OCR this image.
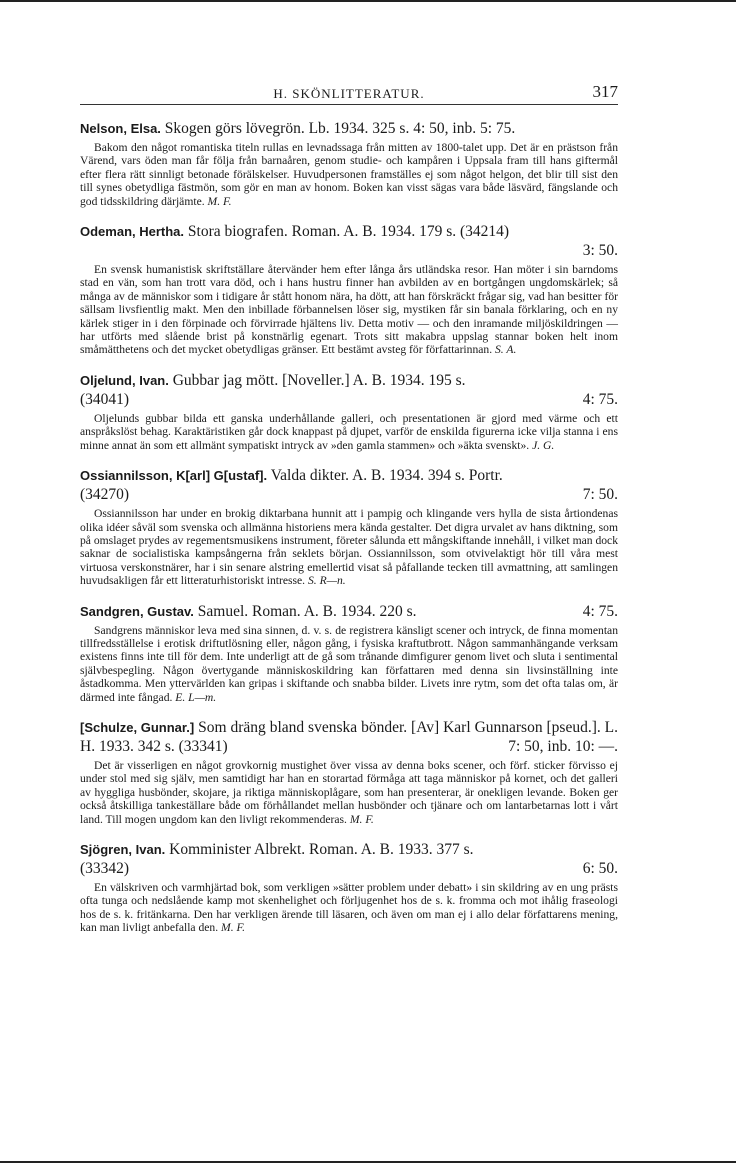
H. SKÖNLITTERATUR.	317
Nelson, Elsa. Skogen görs lövegrön. Lb. 1934. 325 s. 4: 50, inb. 5: 75.
Bakom den något romantiska titeln rullas en levnadssaga från mitten av 1800-talet upp. Det är en prästson från Värend, vars öden man får följa från barnaåren, genom studie- och kampåren i Uppsala fram till hans giftermål efter flera rätt sinnligt betonade förälskelser. Huvudpersonen framställes ej som något helgon, det blir till sist den till synes obetydliga fästmön, som gör en man av honom. Boken kan visst sägas vara både läsvärd, fängslande och god tidsskildring därjämte. M. F.
Odeman, Hertha. Stora biografen. Roman. A. B. 1934. 179 s. (34214)
3: 50.
En svensk humanistisk skriftställare återvänder hem efter långa års utländska resor. Han möter i sin barndoms stad en vän, som han trott vara död, och i hans hustru finner han avbilden av en bortgången ungdomskärlek; så många av de människor som i tidigare år stått honom nära, ha dött, att han förskräckt frågar sig, vad han besitter för sällsam livsfientlig makt. Men den inbillade förbannelsen löser sig, mystiken får sin banala förklaring, och en ny kärlek stiger in i den förpinade och förvirrade hjältens liv. Detta motiv — och den inramande miljöskildringen — har utförts med slående brist på konstnärlig egenart. Trots sitt makabra uppslag stannar boken helt inom småmätthetens och det mycket obetydligas gränser. Ett bestämt avsteg för författarinnan. S. A.
Oljelund, Ivan. Gubbar jag mött. [Noveller.] A. B. 1934. 195 s.
(34041)	4: 75.
Oljelunds gubbar bilda ett ganska underhållande galleri, och presentationen är gjord med värme och ett anspråkslöst behag. Karaktäristiken går dock knappast på djupet, varför de enskilda figurerna icke vilja stanna i ens minne annat än som ett allmänt sympatiskt intryck av »den gamla stammen» och »äkta svenskt». J. G.
Ossiannilsson, K[arl] G[ustaf]. Valda dikter. A. B. 1934. 394 s. Portr.
(34270)	7: 50.
Ossiannilsson har under en brokig diktarbana hunnit att i pampig och klingande vers hylla de sista årtiondenas olika idéer såväl som svenska och allmänna historiens mera kända gestalter. Det digra urvalet av hans diktning, som på omslaget prydes av regementsmusikens instrument, företer sålunda ett mångskiftande innehåll, i vilket man dock saknar de socialistiska kampsångerna från seklets början. Ossiannilsson, som otvivelaktigt hör till våra mest virtuosa verskonstnärer, har i sin senare alstring emellertid visat så påfallande tecken till avmattning, att samlingen huvudsakligen får ett litteraturhistoriskt intresse. S. R—n.
Sandgren, Gustav. Samuel. Roman. A. B. 1934. 220 s.	4: 75.
Sandgrens människor leva med sina sinnen, d. v. s. de registrera känsligt scener och intryck, de finna momentan tillfredsställelse i erotisk driftutlösning eller, någon gång, i fysiska kraftutbrott. Någon sammanhängande verksam existens finns inte till för dem. Inte underligt att de gå som trånande dimfigurer genom livet och sluta i sentimental självbespegling. Någon övertygande människoskildring kan författaren med denna sin livsinställning inte åstadkomma. Men yttervärlden kan gripas i skiftande och snabba bilder. Livets inre rytm, som det ofta talas om, är därmed inte fångad. E. L—m.
[Schulze, Gunnar.] Som dräng bland svenska bönder. [Av] Karl Gunnarson [pseud.]. L. H. 1933. 342 s. (33341)	7: 50, inb. 10: —.
Det är visserligen en något grovkornig mustighet över vissa av denna boks scener, och förf. sticker förvisso ej under stol med sig själv, men samtidigt har han en storartad förmåga att taga människor på kornet, och det galleri av hyggliga husbönder, skojare, ja riktiga människoplågare, som han presenterar, är onekligen levande. Boken ger också åtskilliga tankeställare både om förhållandet mellan husbönder och tjänare och om lantarbetarnas lott i vårt land. Till mogen ungdom kan den livligt rekommenderas. M. F.
Sjögren, Ivan. Komminister Albrekt. Roman. A. B. 1933. 377 s.
(33342)	6: 50.
En välskriven och varmhjärtad bok, som verkligen »sätter problem under debatt» i sin skildring av en ung prästs ofta tunga och nedslående kamp mot skenhelighet och förljugenhet hos de s. k. fromma och mot ihålig fraseologi hos de s. k. fritänkarna. Den har verkligen ärende till läsaren, och även om man ej i allo delar författarens mening, kan man livligt anbefalla den. M. F.
